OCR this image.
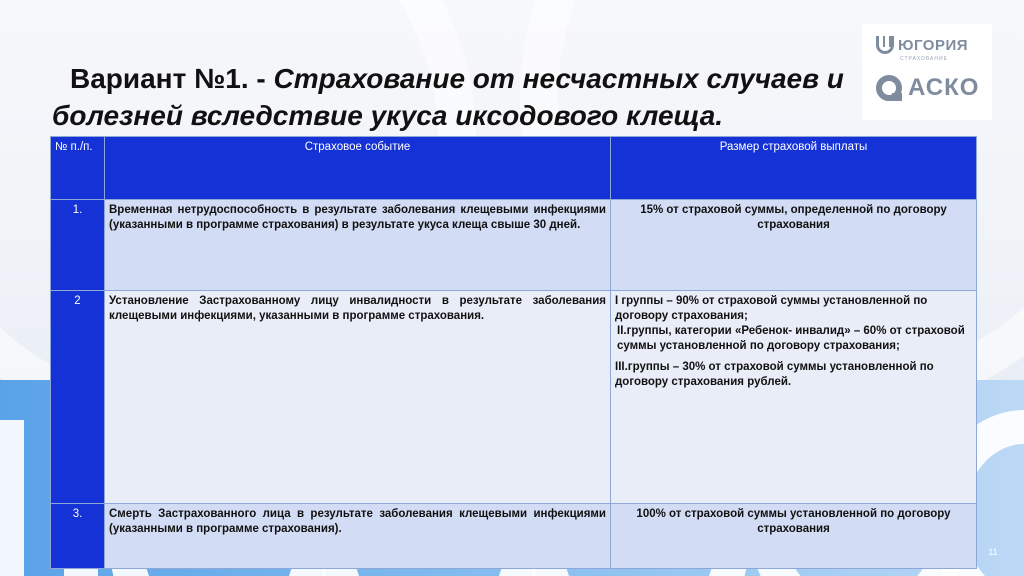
Вариант №1. - Страхование от несчастных случаев и
болезней вследствие укуса иксодового клеща.
ЮГОРИЯ
СТРАХОВАНИЕ
АСКО
№ п./п.	Страховое событие	Размер страховой выплаты
1.	Временная нетрудоспособность в результате заболевания клещевыми инфекциями (указанными в программе страхования) в результате укуса клеща свыше 30 дней.	15% от страховой суммы, определенной по договору страхования

2	Установление Застрахованному лицу инвалидности в результате заболевания клещевыми инфекциями, указанными в программе страхования.	I группы – 90% от страховой суммы установленной по договору страхования;
II.группы, категории «Ребенок- инвалид» – 60% от страховой суммы установленной по договору страхования;
III.группы – 30% от страховой суммы установленной по договору страхования рублей.

3.	Смерть Застрахованного лица в результате заболевания клещевыми инфекциями (указанными в программе страхования).	100% от страховой суммы установленной по договору страхования
11
